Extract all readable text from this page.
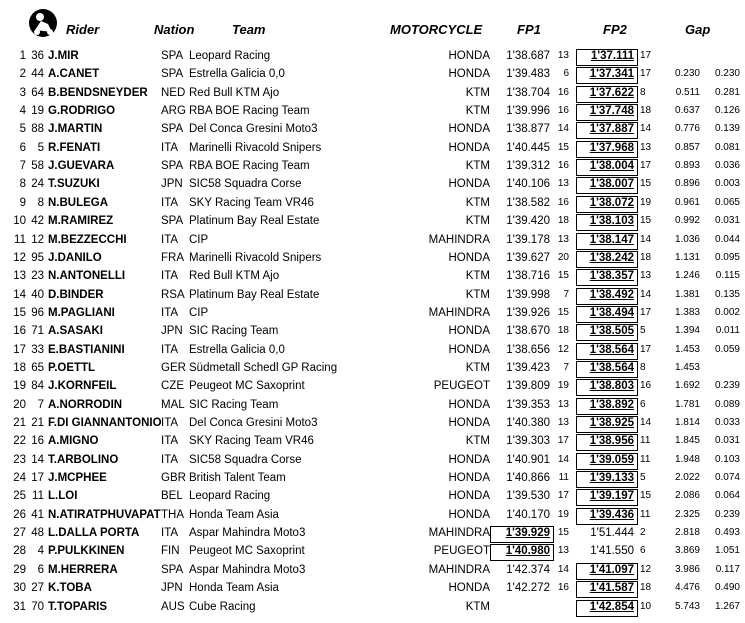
Rider	Nation	Team	MOTORCYCLE	FP1	FP2	Gap
1 36 J.MIR	SPA Leopard Racing	HONDA	1'38.687 13	1'37.111 17
2 44 A.CANET	SPA Estrella Galicia 0,0	HONDA	1'39.483	6	1'37.341 17	0.230	0.230
3 64 B.BENDSNEYDER NED Red Bull KTM Ajo	KTM	1'38.704 16	1'37.622 8	0.511	0.281
4 19 G.RODRIGO	ARG RBA BOE Racing Team	KTM	1'39.996 16	1'37.748 18	0.637	0.126
5 88 J.MARTIN	SPA Del Conca Gresini Moto3	HONDA	1'38.877 14	1'37.887 14	0.776	0.139
6	5 R.FENATI	ITA Marinelli Rivacold Snipers	HONDA	1'40.445 15	1'37.968 13	0.857	0.081
7 58 J.GUEVARA	SPA RBA BOE Racing Team	KTM	1'39.312 16	1'38.004 17	0.893	0.036
8 24 T.SUZUKI	JPN SIC58 Squadra Corse	HONDA	1'40.106 13	1'38.007 15	0.896	0.003
9	8 N.BULEGA	ITA SKY Racing Team VR46	KTM	1'38.582 16	1'38.072 19	0.961	0.065
10 42 M.RAMIREZ	SPA Platinum Bay Real Estate	KTM	1'39.420 18	1'38.103 15	0.992	0.031
11 12 M.BEZZECCHI	ITA CIP	MAHINDRA	1'39.178 13	1'38.147 14	1.036	0.044
12 95 J.DANILO	FRA Marinelli Rivacold Snipers	HONDA	1'39.627 20	1'38.242 18	1.131	0.095
13 23 N.ANTONELLI	ITA Red Bull KTM Ajo	KTM	1'38.716 15	1'38.357 13	1.246	0.115
14 40 D.BINDER	RSA Platinum Bay Real Estate	KTM	1'39.998	7	1'38.492 14	1.381	0.135
15 96 M.PAGLIANI	ITA CIP	MAHINDRA	1'39.926 15	1'38.494 17	1.383	0.002
16 71 A.SASAKI	JPN SIC Racing Team	HONDA	1'38.670 18	1'38.505 5	1.394	0.011
17 33 E.BASTIANINI	ITA Estrella Galicia 0,0	HONDA	1'38.656 12	1'38.564 17	1.453	0.059
18 65 P.OETTL	GER Südmetall Schedl GP Racing	KTM	1'39.423	7	1'38.564 8	1.453
19 84 J.KORNFEIL	CZE Peugeot MC Saxoprint	PEUGEOT	1'39.809 19	1'38.803 16	1.692	0.239
20	7 A.NORRODIN	MAL SIC Racing Team	HONDA	1'39.353 13	1'38.892 6	1.781	0.089
21 21 F.DI GIANNANTONIO ITA Del Conca Gresini Moto3	HONDA	1'40.380 13	1'38.925 14	1.814	0.033
22 16 A.MIGNO	ITA SKY Racing Team VR46	KTM	1'39.303 17	1'38.956 11	1.845	0.031
23 14 T.ARBOLINO	ITA SIC58 Squadra Corse	HONDA	1'40.901 14	1'39.059 11	1.948	0.103
24 17 J.MCPHEE	GBR British Talent Team	HONDA	1'40.866 11	1'39.133 5	2.022	0.074
25 11 L.LOI	BEL Leopard Racing	HONDA	1'39.530 17	1'39.197 15	2.086	0.064
26 41 N.ATIRATPHUVAPAT THA Honda Team Asia	HONDA	1'40.170 19	1'39.436 11	2.325	0.239
27 48 L.DALLA PORTA ITA Aspar Mahindra Moto3	MAHINDRA	1'39.929 15	1'51.444 2	2.818	0.493
28	4 P.PULKKINEN	FIN Peugeot MC Saxoprint	PEUGEOT	1'40.980 13	1'41.550 6	3.869	1.051
29	6 M.HERRERA	SPA Aspar Mahindra Moto3	MAHINDRA	1'42.374 14	1'41.097 12	3.986	0.117
30 27 K.TOBA	JPN Honda Team Asia	HONDA	1'42.272 16	1'41.587 18	4.476	0.490
31 70 T.TOPARIS	AUS Cube Racing	KTM	1'42.854 10	5.743	1.267
